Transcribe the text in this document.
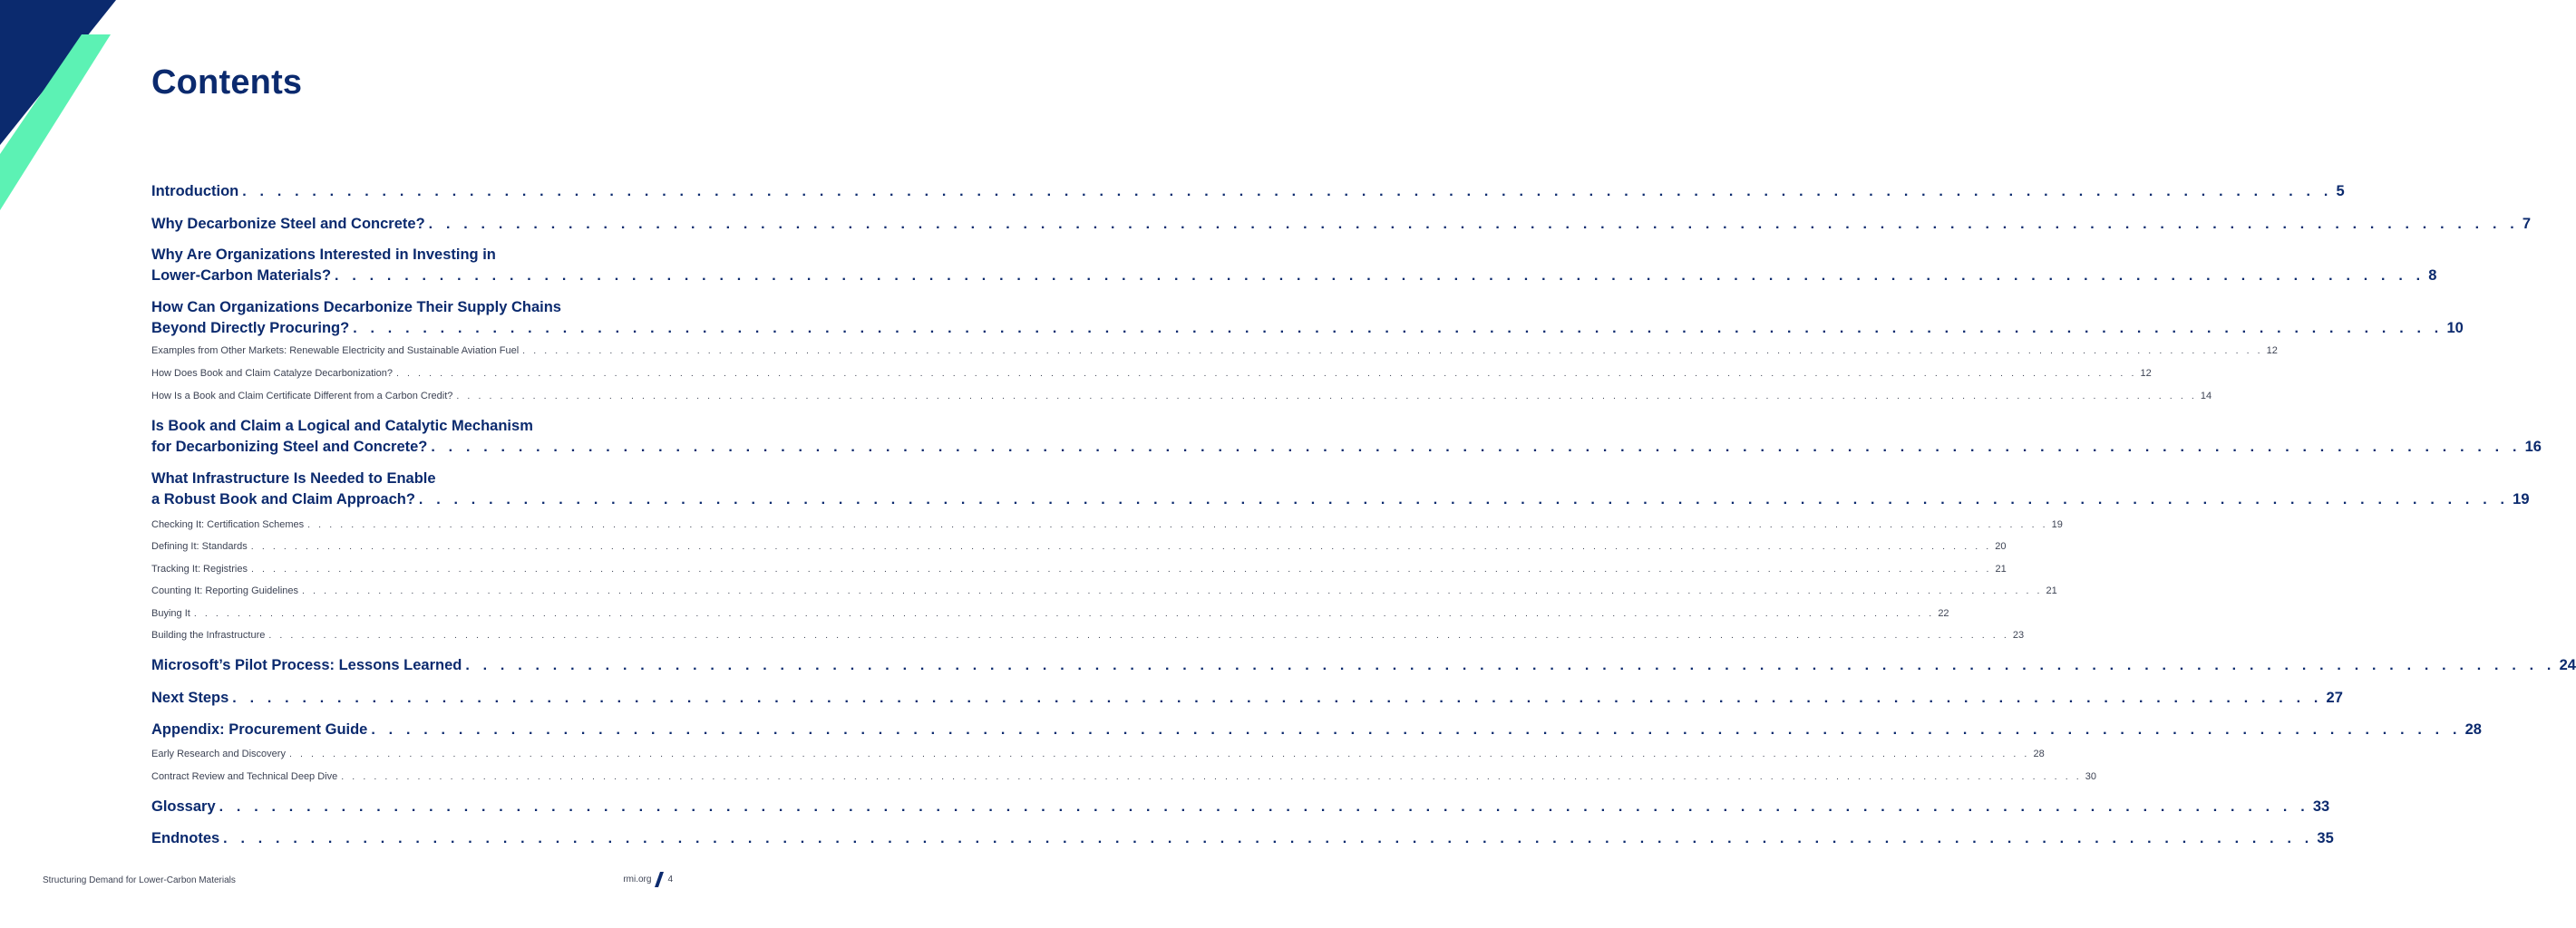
Contents
Introduction . . . . . . . . . . . . . . . . . . . . . . . . . . . . . . . . . . . . . . . . . . . . . . . . . . . . . . . . . . . . . . . . . . . . . . . . . . . . . . . . . . . . . . . . . . . . . . . . . . . . . . . . . . . . . . . . . . . . . . . . 5
Why Decarbonize Steel and Concrete? . . . . . . . . . . . . . . . . . . . . . . . . . . . . . . . . . . . . . . . . . . . . . . . . . . . . . . . . . . . . . . . . . . . . . . . . . . . . . . . . . . . . . . . . . . . . . . . . . . . . . . . . . . . . . . . . . . . . . . . . 7
Why Are Organizations Interested in Investing in
Lower-Carbon Materials? . . . . . . . . . . . . . . . . . . . . . . . . . . . . . . . . . . . . . . . . . . . . . . . . . . . . . . . . . . . . . . . . . . . . . . . . . . . . . . . . . . . . . . . . . . . . . . . . . . . . . . . . . . . . . . . . . . . . . . . . 8
How Can Organizations Decarbonize Their Supply Chains
Beyond Directly Procuring? . . . . . . . . . . . . . . . . . . . . . . . . . . . . . . . . . . . . . . . . . . . . . . . . . . . . . . . . . . . . . . . . . . . . . . . . . . . . . . . . . . . . . . . . . . . . . . . . . . . . . . . . . . . . . . . . . . . . . . . . 10
Examples from Other Markets: Renewable Electricity and Sustainable Aviation Fuel . . . . . . . . . . . . . . . . . . . . . . . . . . . . . . . . . . . . . . . . . . . . . . . . . . . . . . . . . . . . . . . . . . . . . . . . . . . . . . . . . . . . . . . . . . . . . . . . . . . . . . . . . . . . . . . . . . . . . . . . . . . . . . . . . . . . . . . . . . . . . . . . . . . . . . . . . . . . . . . . 12
How Does Book and Claim Catalyze Decarbonization? . . . . . . . . . . . . . . . . . . . . . . . . . . . . . . . . . . . . . . . . . . . . . . . . . . . . . . . . . . . . . . . . . . . . . . . . . . . . . . . . . . . . . . . . . . . . . . . . . . . . . . . . . . . . . . . . . . . . . . . . . . . . . . . . . . . . . . . . . . . . . . . . . . . . . . . . . . . . . . . . 12
How Is a Book and Claim Certificate Different from a Carbon Credit? . . . . . . . . . . . . . . . . . . . . . . . . . . . . . . . . . . . . . . . . . . . . . . . . . . . . . . . . . . . . . . . . . . . . . . . . . . . . . . . . . . . . . . . . . . . . . . . . . . . . . . . . . . . . . . . . . . . . . . . . . . . . . . . . . . . . . . . . . . . . . . . . . . . . . . . . . . . . . . . . 14
Is Book and Claim a Logical and Catalytic Mechanism
for Decarbonizing Steel and Concrete? . . . . . . . . . . . . . . . . . . . . . . . . . . . . . . . . . . . . . . . . . . . . . . . . . . . . . . . . . . . . . . . . . . . . . . . . . . . . . . . . . . . . . . . . . . . . . . . . . . . . . . . . . . . . . . . . . . . . . . . . 16
What Infrastructure Is Needed to Enable
a Robust Book and Claim Approach? . . . . . . . . . . . . . . . . . . . . . . . . . . . . . . . . . . . . . . . . . . . . . . . . . . . . . . . . . . . . . . . . . . . . . . . . . . . . . . . . . . . . . . . . . . . . . . . . . . . . . . . . . . . . . . . . . . . . . . . . 19
Checking It: Certification Schemes . . . . . . . . . . . . . . . . . . . . . . . . . . . . . . . . . . . . . . . . . . . . . . . . . . . . . . . . . . . . . . . . . . . . . . . . . . . . . . . . . . . . . . . . . . . . . . . . . . . . . . . . . . . . . . . . . . . . . . . . . . . . . . . . . . . . . . . . . . . . . . . . . . . . . . . . . . . . . . . . 19
Defining It: Standards . . . . . . . . . . . . . . . . . . . . . . . . . . . . . . . . . . . . . . . . . . . . . . . . . . . . . . . . . . . . . . . . . . . . . . . . . . . . . . . . . . . . . . . . . . . . . . . . . . . . . . . . . . . . . . . . . . . . . . . . . . . . . . . . . . . . . . . . . . . . . . . . . . . . . . . . . . . . . . . . 20
Tracking It: Registries . . . . . . . . . . . . . . . . . . . . . . . . . . . . . . . . . . . . . . . . . . . . . . . . . . . . . . . . . . . . . . . . . . . . . . . . . . . . . . . . . . . . . . . . . . . . . . . . . . . . . . . . . . . . . . . . . . . . . . . . . . . . . . . . . . . . . . . . . . . . . . . . . . . . . . . . . . . . . . . . 21
Counting It: Reporting Guidelines . . . . . . . . . . . . . . . . . . . . . . . . . . . . . . . . . . . . . . . . . . . . . . . . . . . . . . . . . . . . . . . . . . . . . . . . . . . . . . . . . . . . . . . . . . . . . . . . . . . . . . . . . . . . . . . . . . . . . . . . . . . . . . . . . . . . . . . . . . . . . . . . . . . . . . . . . . . . . . . . 21
Buying It . . . . . . . . . . . . . . . . . . . . . . . . . . . . . . . . . . . . . . . . . . . . . . . . . . . . . . . . . . . . . . . . . . . . . . . . . . . . . . . . . . . . . . . . . . . . . . . . . . . . . . . . . . . . . . . . . . . . . . . . . . . . . . . . . . . . . . . . . . . . . . . . . . . . . . . . . . . . . . . . 22
Building the Infrastructure . . . . . . . . . . . . . . . . . . . . . . . . . . . . . . . . . . . . . . . . . . . . . . . . . . . . . . . . . . . . . . . . . . . . . . . . . . . . . . . . . . . . . . . . . . . . . . . . . . . . . . . . . . . . . . . . . . . . . . . . . . . . . . . . . . . . . . . . . . . . . . . . . . . . . . . . . . . . . . . . 23
Microsoft’s Pilot Process: Lessons Learned . . . . . . . . . . . . . . . . . . . . . . . . . . . . . . . . . . . . . . . . . . . . . . . . . . . . . . . . . . . . . . . . . . . . . . . . . . . . . . . . . . . . . . . . . . . . . . . . . . . . . . . . . . . . . . . . . . . . . . . . 24
Next Steps . . . . . . . . . . . . . . . . . . . . . . . . . . . . . . . . . . . . . . . . . . . . . . . . . . . . . . . . . . . . . . . . . . . . . . . . . . . . . . . . . . . . . . . . . . . . . . . . . . . . . . . . . . . . . . . . . . . . . . . . 27
Appendix: Procurement Guide . . . . . . . . . . . . . . . . . . . . . . . . . . . . . . . . . . . . . . . . . . . . . . . . . . . . . . . . . . . . . . . . . . . . . . . . . . . . . . . . . . . . . . . . . . . . . . . . . . . . . . . . . . . . . . . . . . . . . . . . 28
Early Research and Discovery . . . . . . . . . . . . . . . . . . . . . . . . . . . . . . . . . . . . . . . . . . . . . . . . . . . . . . . . . . . . . . . . . . . . . . . . . . . . . . . . . . . . . . . . . . . . . . . . . . . . . . . . . . . . . . . . . . . . . . . . . . . . . . . . . . . . . . . . . . . . . . . . . . . . . . . . . . . . . . . . 28
Contract Review and Technical Deep Dive . . . . . . . . . . . . . . . . . . . . . . . . . . . . . . . . . . . . . . . . . . . . . . . . . . . . . . . . . . . . . . . . . . . . . . . . . . . . . . . . . . . . . . . . . . . . . . . . . . . . . . . . . . . . . . . . . . . . . . . . . . . . . . . . . . . . . . . . . . . . . . . . . . . . . . . . . . . . . . . . 30
Glossary . . . . . . . . . . . . . . . . . . . . . . . . . . . . . . . . . . . . . . . . . . . . . . . . . . . . . . . . . . . . . . . . . . . . . . . . . . . . . . . . . . . . . . . . . . . . . . . . . . . . . . . . . . . . . . . . . . . . . . . . 33
Endnotes . . . . . . . . . . . . . . . . . . . . . . . . . . . . . . . . . . . . . . . . . . . . . . . . . . . . . . . . . . . . . . . . . . . . . . . . . . . . . . . . . . . . . . . . . . . . . . . . . . . . . . . . . . . . . . . . . . . . . . . . 35
Structuring Demand for Lower-Carbon Materials	rmi.org 4
